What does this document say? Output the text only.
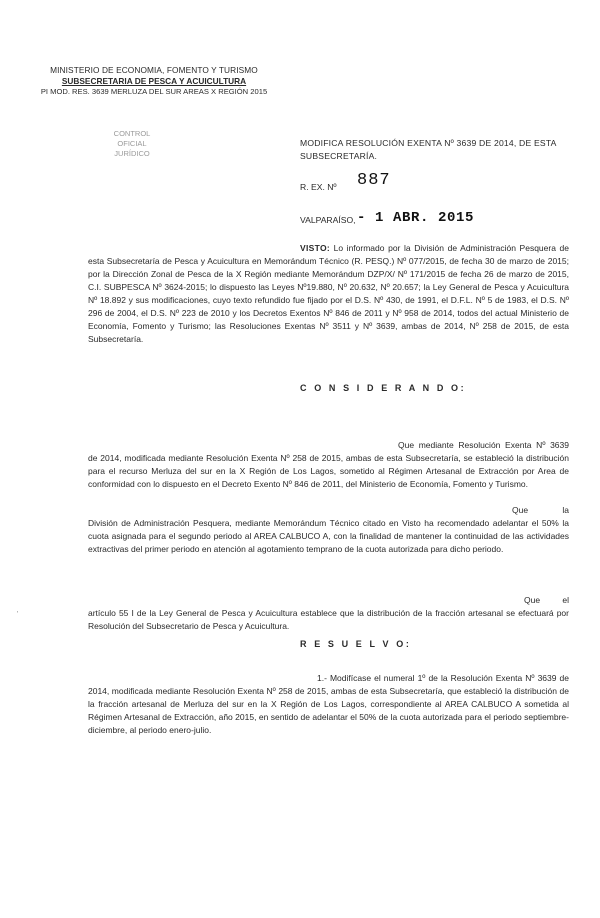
MINISTERIO DE ECONOMIA, FOMENTO Y TURISMO
SUBSECRETARIA DE PESCA Y ACUICULTURA
PI MOD. RES. 3639 MERLUZA DEL SUR AREAS X REGIÓN 2015
CONTROL OFICIAL
JURÍDICO
MODIFICA RESOLUCIÓN EXENTA Nº 3639 DE 2014, DE ESTA SUBSECRETARÍA.
R. EX. Nº 887
VALPARAÍSO, - 1 ABR. 2015
VISTO: Lo informado por la División de Administración Pesquera de esta Subsecretaría de Pesca y Acuicultura en Memorándum Técnico (R. PESQ.) Nº 077/2015, de fecha 30 de marzo de 2015; por la Dirección Zonal de Pesca de la X Región mediante Memorándum DZP/X/ Nº 171/2015 de fecha 26 de marzo de 2015, C.I. SUBPESCA Nº 3624-2015; lo dispuesto las Leyes Nº19.880, Nº 20.632, Nº 20.657; la Ley General de Pesca y Acuicultura Nº 18.892 y sus modificaciones, cuyo texto refundido fue fijado por el D.S. Nº 430, de 1991, el D.F.L. Nº 5 de 1983, el D.S. Nº 296 de 2004, el D.S. Nº 223 de 2010 y los Decretos Exentos Nº 846 de 2011 y Nº 958 de 2014, todos del actual Ministerio de Economía, Fomento y Turismo; las Resoluciones Exentas Nº 3511 y Nº 3639, ambas de 2014, Nº 258 de 2015, de esta Subsecretaría.
C O N S I D E R A N D O:
Que mediante Resolución Exenta Nº 3639 de 2014, modificada mediante Resolución Exenta Nº 258 de 2015, ambas de esta Subsecretaría, se estableció la distribución para el recurso Merluza del sur en la X Región de Los Lagos, sometido al Régimen Artesanal de Extracción por Area de conformidad con lo dispuesto en el Decreto Exento Nº 846 de 2011, del Ministerio de Economía, Fomento y Turismo.
Que la División de Administración Pesquera, mediante Memorándum Técnico citado en Visto ha recomendado adelantar el 50% la cuota asignada para el segundo periodo al AREA CALBUCO A, con la finalidad de mantener la continuidad de las actividades extractivas del primer periodo en atención al agotamiento temprano de la cuota autorizada para dicho periodo.
Que el artículo 55 I de la Ley General de Pesca y Acuicultura establece que la distribución de la fracción artesanal se efectuará por Resolución del Subsecretario de Pesca y Acuicultura.
R E S U E L V O:
1.- Modifícase el numeral 1º de la Resolución Exenta Nº 3639 de 2014, modificada mediante Resolución Exenta Nº 258 de 2015, ambas de esta Subsecretaría, que estableció la distribución de la fracción artesanal de Merluza del sur en la X Región de Los Lagos, correspondiente al AREA CALBUCO A sometida al Régimen Artesanal de Extracción, año 2015, en sentido de adelantar el 50% de la cuota autorizada para el periodo septiembre-diciembre, al periodo enero-julio.
'
